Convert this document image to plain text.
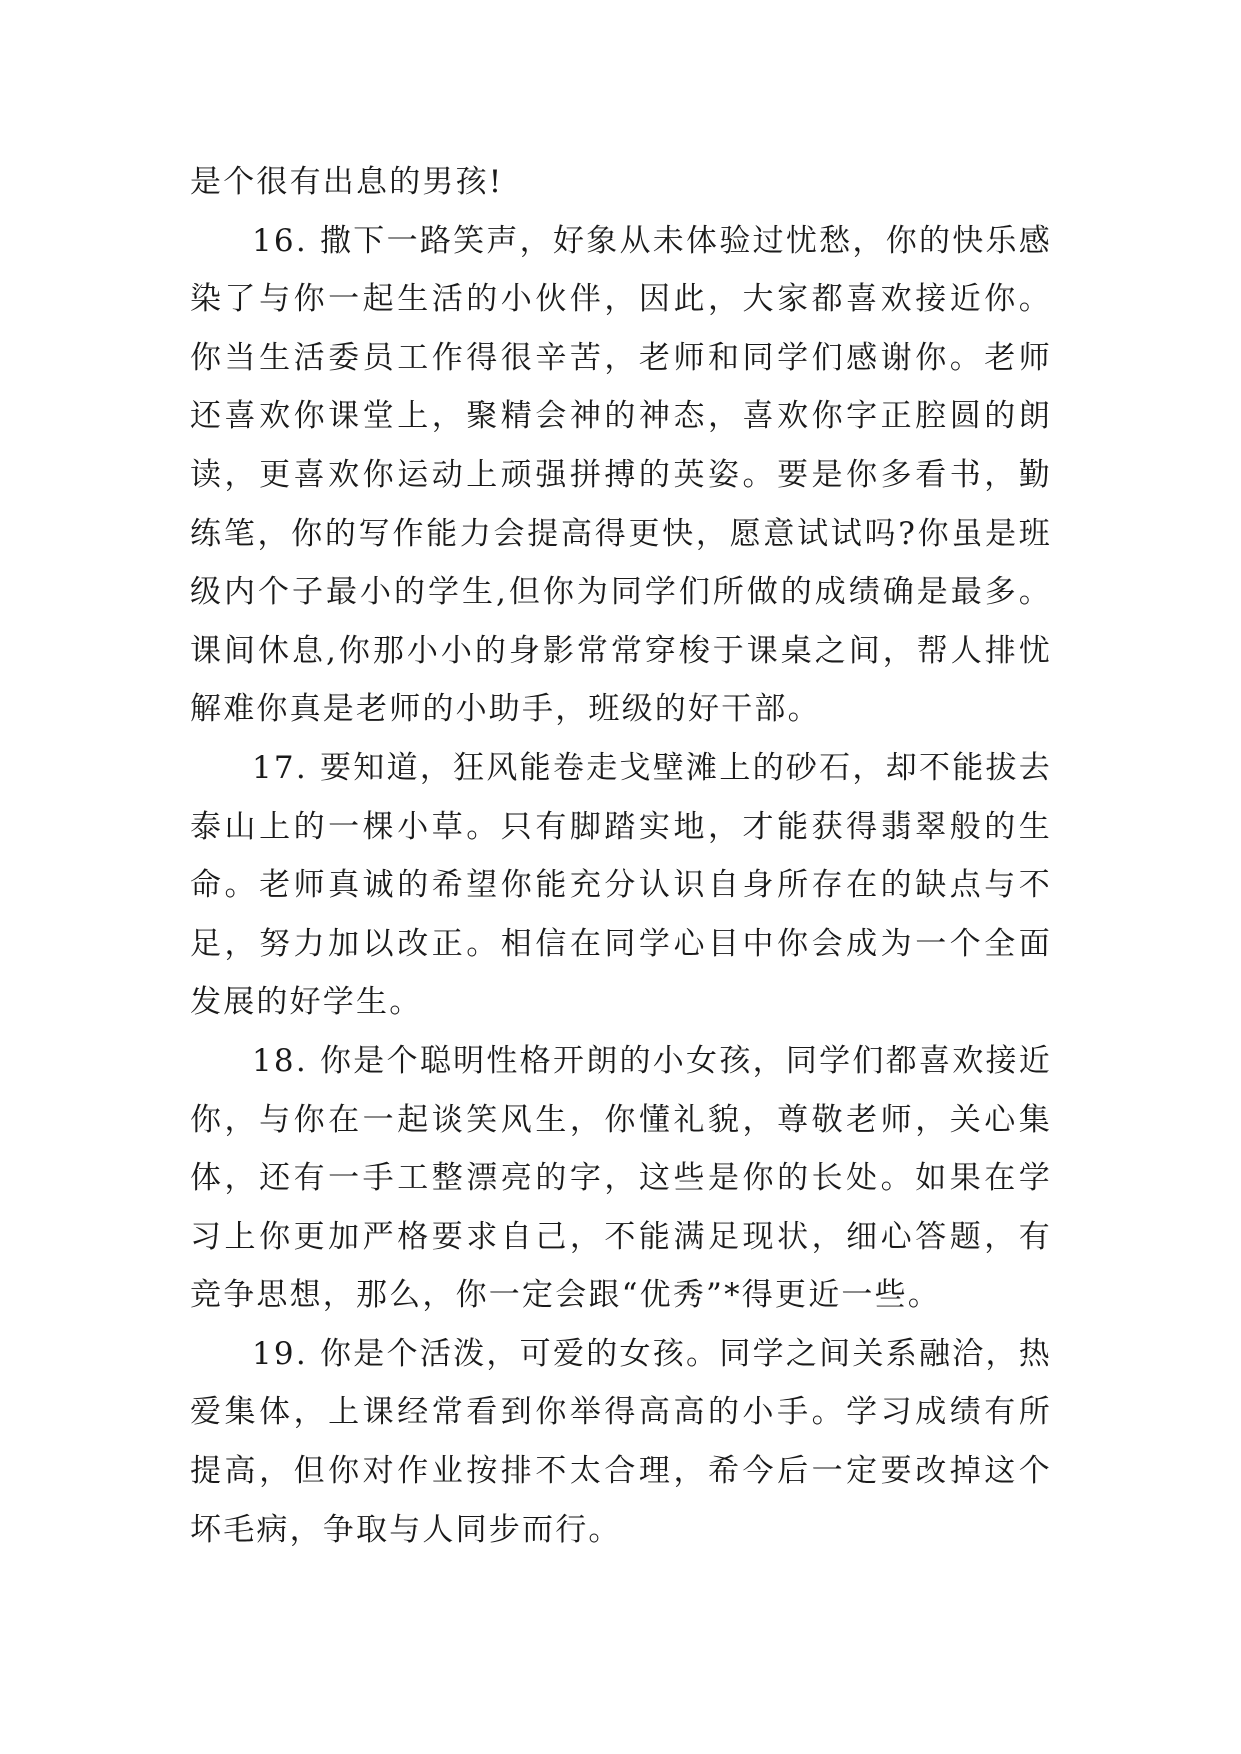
是个很有出息的男孩!

16. 撒下一路笑声，好象从未体验过忧愁，你的快乐感染了与你一起生活的小伙伴，因此，大家都喜欢接近你。你当生活委员工作得很辛苦，老师和同学们感谢你。老师还喜欢你课堂上，聚精会神的神态，喜欢你字正腔圆的朗读，更喜欢你运动上顽强拼搏的英姿。要是你多看书，勤练笔，你的写作能力会提高得更快，愿意试试吗?你虽是班级内个子最小的学生,但你为同学们所做的成绩确是最多。课间休息,你那小小的身影常常穿梭于课桌之间，帮人排忧解难你真是老师的小助手，班级的好干部。

17. 要知道，狂风能卷走戈壁滩上的砂石，却不能拔去泰山上的一棵小草。只有脚踏实地，才能获得翡翠般的生命。老师真诚的希望你能充分认识自身所存在的缺点与不足，努力加以改正。相信在同学心目中你会成为一个全面发展的好学生。

18. 你是个聪明性格开朗的小女孩，同学们都喜欢接近你，与你在一起谈笑风生，你懂礼貌，尊敬老师，关心集体，还有一手工整漂亮的字，这些是你的长处。如果在学习上你更加严格要求自己，不能满足现状，细心答题，有竞争思想，那么，你一定会跟“优秀”*得更近一些。

19. 你是个活泼，可爱的女孩。同学之间关系融洽，热爱集体，上课经常看到你举得高高的小手。学习成绩有所提高，但你对作业按排不太合理，希今后一定要改掉这个坏毛病，争取与人同步而行。
